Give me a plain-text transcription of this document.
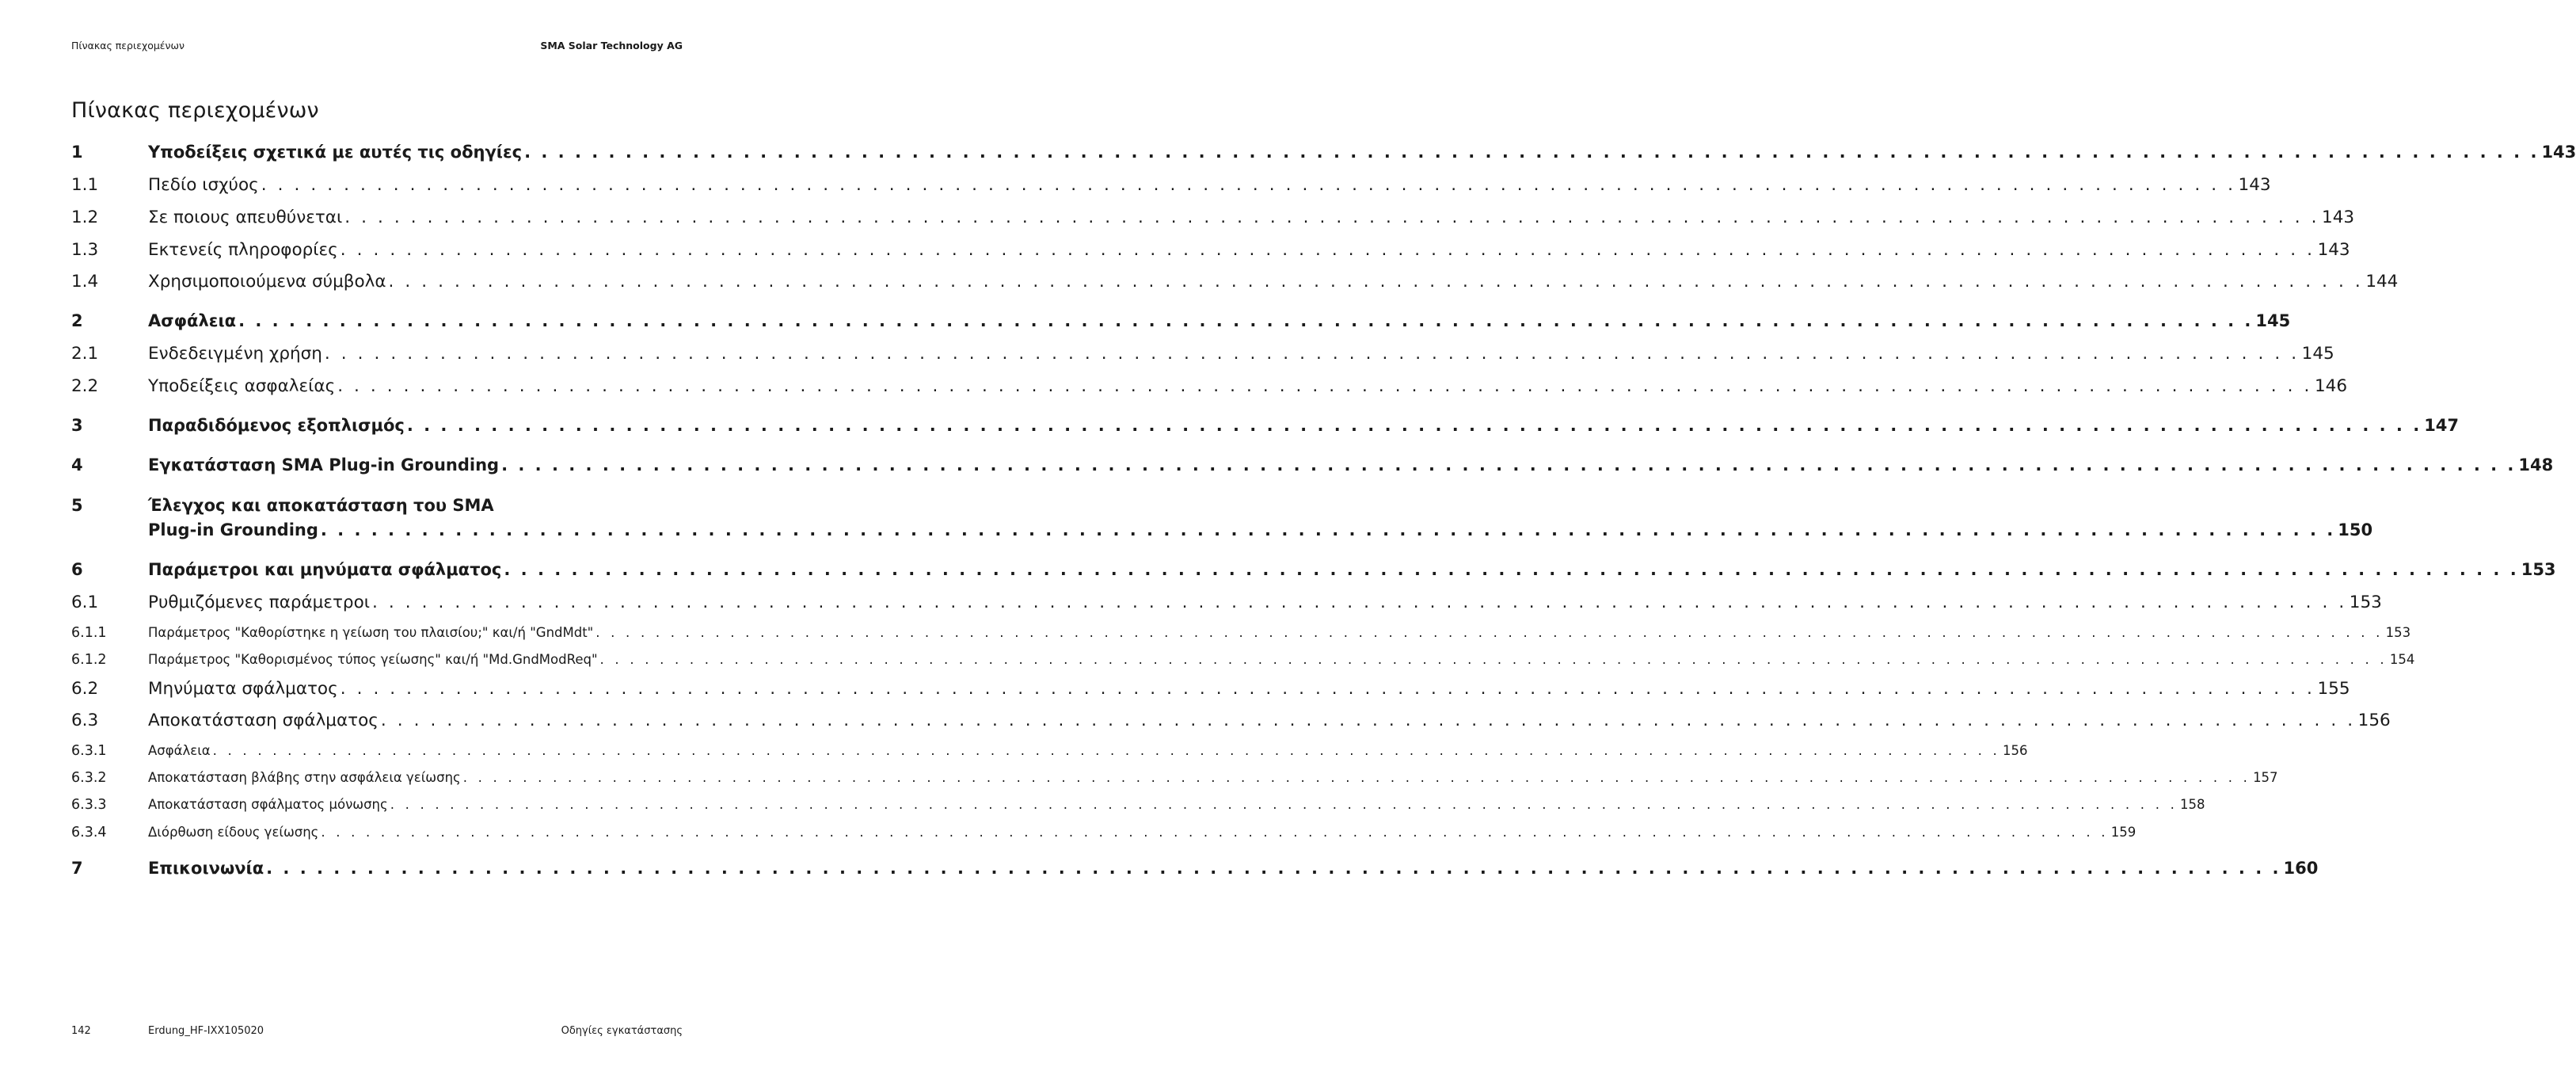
Πίνακας περιεχομένων	SMA Solar Technology AG
Πίνακας περιεχομένων
1	Υποδείξεις σχετικά με αυτές τις οδηγίες . . . . . . . . . . . . . . . . . . . . . . . . . . . . . . . . . . . . . . . . . . . . . . . . . . . . . . . . . . . . . . . . . . . . . . . . . . . . . . . . . . . . . . . . . . . . . . . . . . . . . . . . . . . . . . . . . . . . . . . . 143
1.1	Πεδίο ισχύος . . . . . . . . . . . . . . . . . . . . . . . . . . . . . . . . . . . . . . . . . . . . . . . . . . . . . . . . . . . . . . . . . . . . . . . . . . . . . . . . . . . . . . . . . . . . . . . . . . . . . . . . . . . . . . . . . . . . . . . . 143
1.2	Σε ποιους απευθύνεται . . . . . . . . . . . . . . . . . . . . . . . . . . . . . . . . . . . . . . . . . . . . . . . . . . . . . . . . . . . . . . . . . . . . . . . . . . . . . . . . . . . . . . . . . . . . . . . . . . . . . . . . . . . . . . . . . . . . . . . . 143
1.3	Εκτενείς πληροφορίες . . . . . . . . . . . . . . . . . . . . . . . . . . . . . . . . . . . . . . . . . . . . . . . . . . . . . . . . . . . . . . . . . . . . . . . . . . . . . . . . . . . . . . . . . . . . . . . . . . . . . . . . . . . . . . . . . . . . . . . . 143
1.4	Χρησιμοποιούμενα σύμβολα . . . . . . . . . . . . . . . . . . . . . . . . . . . . . . . . . . . . . . . . . . . . . . . . . . . . . . . . . . . . . . . . . . . . . . . . . . . . . . . . . . . . . . . . . . . . . . . . . . . . . . . . . . . . . . . . . . . . . . . . 144
2	Ασφάλεια . . . . . . . . . . . . . . . . . . . . . . . . . . . . . . . . . . . . . . . . . . . . . . . . . . . . . . . . . . . . . . . . . . . . . . . . . . . . . . . . . . . . . . . . . . . . . . . . . . . . . . . . . . . . . . . . . . . . . . . . 145
2.1	Ενδεδειγμένη χρήση . . . . . . . . . . . . . . . . . . . . . . . . . . . . . . . . . . . . . . . . . . . . . . . . . . . . . . . . . . . . . . . . . . . . . . . . . . . . . . . . . . . . . . . . . . . . . . . . . . . . . . . . . . . . . . . . . . . . . . . . 145
2.2	Υποδείξεις ασφαλείας . . . . . . . . . . . . . . . . . . . . . . . . . . . . . . . . . . . . . . . . . . . . . . . . . . . . . . . . . . . . . . . . . . . . . . . . . . . . . . . . . . . . . . . . . . . . . . . . . . . . . . . . . . . . . . . . . . . . . . . . 146
3	Παραδιδόμενος εξοπλισμός . . . . . . . . . . . . . . . . . . . . . . . . . . . . . . . . . . . . . . . . . . . . . . . . . . . . . . . . . . . . . . . . . . . . . . . . . . . . . . . . . . . . . . . . . . . . . . . . . . . . . . . . . . . . . . . . . . . . . . . . 147
4	Εγκατάσταση SMA Plug-in Grounding . . . . . . . . . . . . . . . . . . . . . . . . . . . . . . . . . . . . . . . . . . . . . . . . . . . . . . . . . . . . . . . . . . . . . . . . . . . . . . . . . . . . . . . . . . . . . . . . . . . . . . . . . . . . . . . . . . . . . . . . 148
5	Έλεγχος και αποκατάσταση του SMA
Plug-in Grounding . . . . . . . . . . . . . . . . . . . . . . . . . . . . . . . . . . . . . . . . . . . . . . . . . . . . . . . . . . . . . . . . . . . . . . . . . . . . . . . . . . . . . . . . . . . . . . . . . . . . . . . . . . . . . . . . . . . . . . . . 150
6	Παράμετροι και μηνύματα σφάλματος . . . . . . . . . . . . . . . . . . . . . . . . . . . . . . . . . . . . . . . . . . . . . . . . . . . . . . . . . . . . . . . . . . . . . . . . . . . . . . . . . . . . . . . . . . . . . . . . . . . . . . . . . . . . . . . . . . . . . . . . 153
6.1	Ρυθμιζόμενες παράμετροι . . . . . . . . . . . . . . . . . . . . . . . . . . . . . . . . . . . . . . . . . . . . . . . . . . . . . . . . . . . . . . . . . . . . . . . . . . . . . . . . . . . . . . . . . . . . . . . . . . . . . . . . . . . . . . . . . . . . . . . . 153
6.1.1	Παράμετρος "Καθορίστηκε η γείωση του πλαισίου;" και/ή "GndMdt" . . . . . . . . . . . . . . . . . . . . . . . . . . . . . . . . . . . . . . . . . . . . . . . . . . . . . . . . . . . . . . . . . . . . . . . . . . . . . . . . . . . . . . . . . . . . . . . . . . . . . . . . . . . . . . . . . . . . . . . . 153
6.1.2	Παράμετρος "Καθορισμένος τύπος γείωσης" και/ή "Md.GndModReq" . . . . . . . . . . . . . . . . . . . . . . . . . . . . . . . . . . . . . . . . . . . . . . . . . . . . . . . . . . . . . . . . . . . . . . . . . . . . . . . . . . . . . . . . . . . . . . . . . . . . . . . . . . . . . . . . . . . . . . . . 154
6.2	Μηνύματα σφάλματος . . . . . . . . . . . . . . . . . . . . . . . . . . . . . . . . . . . . . . . . . . . . . . . . . . . . . . . . . . . . . . . . . . . . . . . . . . . . . . . . . . . . . . . . . . . . . . . . . . . . . . . . . . . . . . . . . . . . . . . . 155
6.3	Αποκατάσταση σφάλματος . . . . . . . . . . . . . . . . . . . . . . . . . . . . . . . . . . . . . . . . . . . . . . . . . . . . . . . . . . . . . . . . . . . . . . . . . . . . . . . . . . . . . . . . . . . . . . . . . . . . . . . . . . . . . . . . . . . . . . . . 156
6.3.1	Ασφάλεια . . . . . . . . . . . . . . . . . . . . . . . . . . . . . . . . . . . . . . . . . . . . . . . . . . . . . . . . . . . . . . . . . . . . . . . . . . . . . . . . . . . . . . . . . . . . . . . . . . . . . . . . . . . . . . . . . . . . . . . . 156
6.3.2	Αποκατάσταση βλάβης στην ασφάλεια γείωσης . . . . . . . . . . . . . . . . . . . . . . . . . . . . . . . . . . . . . . . . . . . . . . . . . . . . . . . . . . . . . . . . . . . . . . . . . . . . . . . . . . . . . . . . . . . . . . . . . . . . . . . . . . . . . . . . . . . . . . . . 157
6.3.3	Αποκατάσταση σφάλματος μόνωσης . . . . . . . . . . . . . . . . . . . . . . . . . . . . . . . . . . . . . . . . . . . . . . . . . . . . . . . . . . . . . . . . . . . . . . . . . . . . . . . . . . . . . . . . . . . . . . . . . . . . . . . . . . . . . . . . . . . . . . . . 158
6.3.4	Διόρθωση είδους γείωσης . . . . . . . . . . . . . . . . . . . . . . . . . . . . . . . . . . . . . . . . . . . . . . . . . . . . . . . . . . . . . . . . . . . . . . . . . . . . . . . . . . . . . . . . . . . . . . . . . . . . . . . . . . . . . . . . . . . . . . . . 159
7	Επικοινωνία . . . . . . . . . . . . . . . . . . . . . . . . . . . . . . . . . . . . . . . . . . . . . . . . . . . . . . . . . . . . . . . . . . . . . . . . . . . . . . . . . . . . . . . . . . . . . . . . . . . . . . . . . . . . . . . . . . . . . . . . 160
142	Erdung_HF-IXX105020	Οδηγίες εγκατάστασης
